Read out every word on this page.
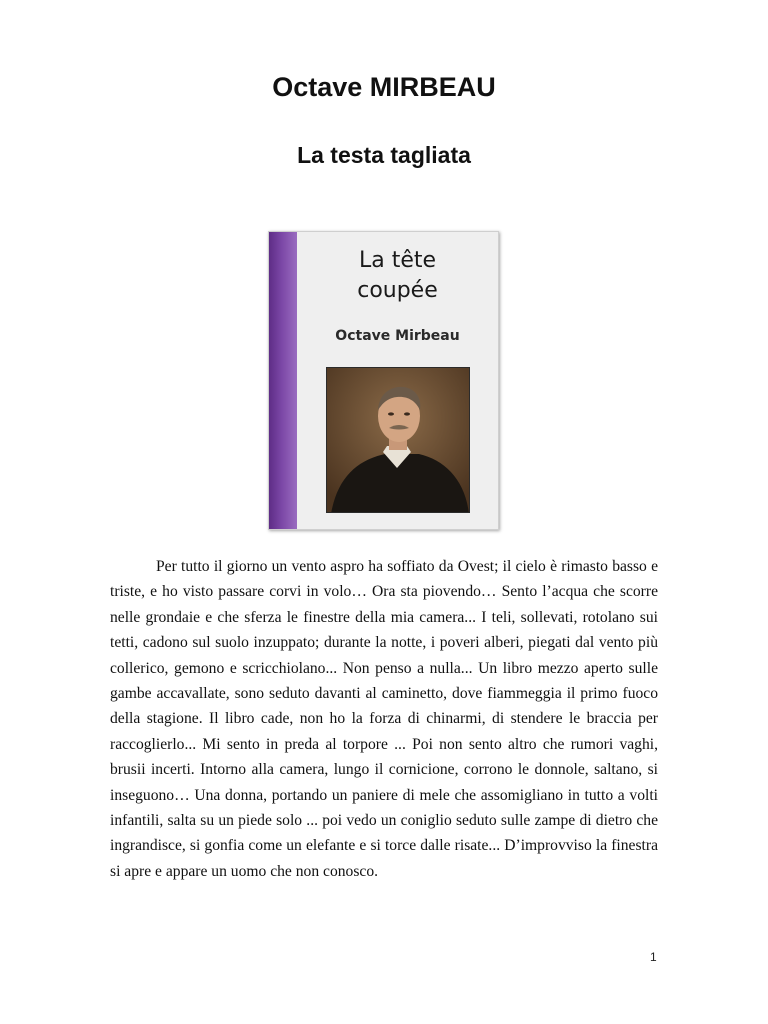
Octave MIRBEAU
La testa tagliata
La tête
coupée
Octave Mirbeau

Per tutto il giorno un vento aspro ha soffiato da Ovest; il cielo è rimasto basso e triste, e ho visto passare corvi in volo… Ora sta piovendo… Sento l’acqua che scorre nelle grondaie e che sferza le finestre della mia camera... I teli, sollevati, rotolano sui tetti, cadono sul suolo inzuppato; durante la notte, i poveri alberi, piegati dal vento più collerico, gemono e scricchiolano... Non penso a nulla... Un libro mezzo aperto sulle gambe accavallate, sono seduto davanti al caminetto, dove fiammeggia il primo fuoco della stagione. Il libro cade, non ho la forza di chinarmi, di stendere le braccia per raccoglierlo... Mi sento in preda al torpore ... Poi non sento altro che rumori vaghi, brusii incerti. Intorno alla camera, lungo il cornicione, corrono le donnole, saltano, si inseguono… Una donna, portando un paniere di mele che assomigliano in tutto a volti infantili, salta su un piede solo ... poi vedo un coniglio seduto sulle zampe di dietro che ingrandisce, si gonfia come un elefante e si torce dalle risate... D’improvviso la finestra si apre e appare un uomo che non conosco.

1
